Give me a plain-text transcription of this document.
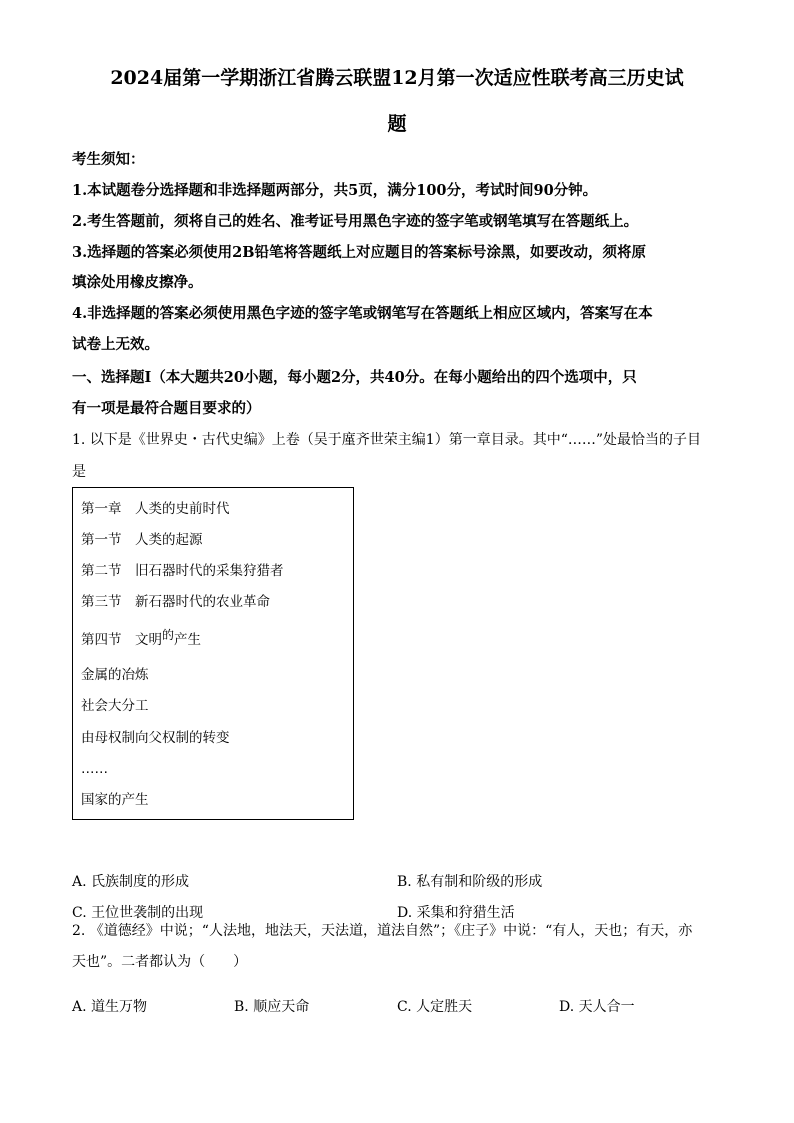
2024届第一学期浙江省腾云联盟12月第一次适应性联考高三历史试
题

考生须知：

1.本试题卷分选择题和非选择题两部分，共5页，满分100分，考试时间90分钟。

2.考生答题前，须将自己的姓名、准考证号用黑色字迹的签字笔或钢笔填写在答题纸上。

3.选择题的答案必须使用2B铅笔将答题纸上对应题目的答案标号涂黑，如要改动，须将原

填涂处用橡皮擦净。

4.非选择题的答案必须使用黑色字迹的签字笔或钢笔写在答题纸上相应区域内，答案写在本

试卷上无效。

一、选择题Ⅰ（本大题共20小题，每小题2分，共40分。在每小题给出的四个选项中，只

有一项是最符合题目要求的）

1. 以下是《世界史・古代史编》上卷（吴于廑齐世荣主编1）第一章目录。其中“……”处最恰当的子目

是

第一章　人类的史前时代
第一节　人类的起源
第二节　旧石器时代的采集狩猎者
第三节　新石器时代的农业革命
第四节　文明的产生
金属的冶炼
社会大分工
由母权制向父权制的转变
……
国家的产生

A. 氏族制度的形成	B. 私有制和阶级的形成

C. 王位世袭制的出现	D. 采集和狩猎生活

2. 《道德经》中说；“人法地，地法天，天法道，道法自然”；《庄子》中说：“有人，天也；有天，亦

天也”。二者都认为（　　）

A. 道生万物	B. 顺应天命	C. 人定胜天	D. 天人合一
